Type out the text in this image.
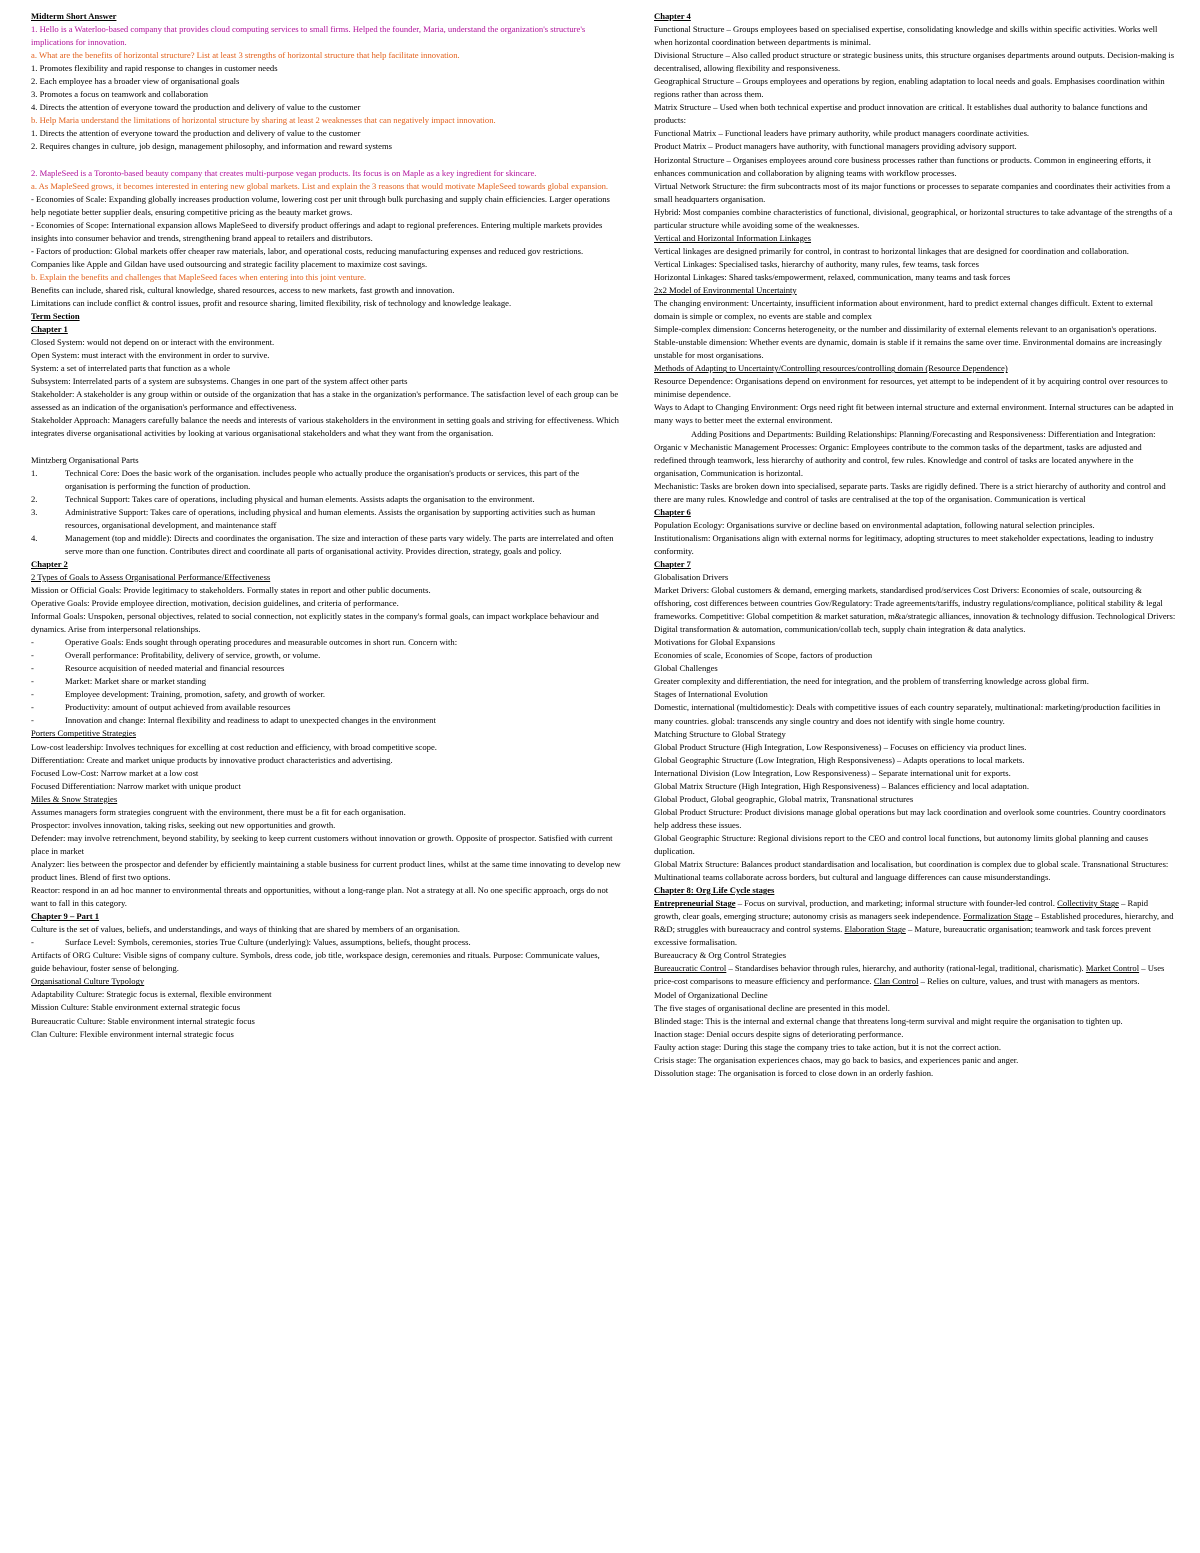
Midterm Short Answer

1. Hello is a Waterloo-based company that provides cloud computing services to small firms. Helped the founder, Maria, understand the organization's structure's implications for innovation.

a. What are the benefits of horizontal structure? List at least 3 strengths of horizontal structure that help facilitate innovation.

1. Promotes flexibility and rapid response to changes in customer needs

2. Each employee has a broader view of organisational goals

3. Promotes a focus on teamwork and collaboration

4. Directs the attention of everyone toward the production and delivery of value to the customer

b. Help Maria understand the limitations of horizontal structure by sharing at least 2 weaknesses that can negatively impact innovation.

1. Directs the attention of everyone toward the production and delivery of value to the customer

2. Requires changes in culture, job design, management philosophy, and information and reward systems

2. MapleSeed is a Toronto-based beauty company that creates multi-purpose vegan products. Its focus is on Maple as a key ingredient for skincare.

a. As MapleSeed grows, it becomes interested in entering new global markets. List and explain the 3 reasons that would motivate MapleSeed towards global expansion.

- Economies of Scale: Expanding globally increases production volume, lowering cost per unit through bulk purchasing and supply chain efficiencies. Larger operations help negotiate better supplier deals, ensuring competitive pricing as the beauty market grows.

- Economies of Scope: International expansion allows MapleSeed to diversify product offerings and adapt to regional preferences. Entering multiple markets provides insights into consumer behavior and trends, strengthening brand appeal to retailers and distributors.

- Factors of production: Global markets offer cheaper raw materials, labor, and operational costs, reducing manufacturing expenses and reduced gov restrictions. Companies like Apple and Gildan have used outsourcing and strategic facility placement to maximize cost savings.

b. Explain the benefits and challenges that MapleSeed faces when entering into this joint venture.

Benefits can include, shared risk, cultural knowledge, shared resources, access to new markets, fast growth and innovation.

Limitations can include conflict & control issues, profit and resource sharing, limited flexibility, risk of technology and knowledge leakage.

Term Section

Chapter 1

Closed System: would not depend on or interact with the environment.

Open System: must interact with the environment in order to survive.

System: a set of interrelated parts that function as a whole

Subsystem: Interrelated parts of a system are subsystems. Changes in one part of the system affect other parts

Stakeholder: A stakeholder is any group within or outside of the organization that has a stake in the organization's performance. The satisfaction level of each group can be assessed as an indication of the organisation's performance and effectiveness.

Stakeholder Approach: Managers carefully balance the needs and interests of various stakeholders in the environment in setting goals and striving for effectiveness. Which integrates diverse organisational activities by looking at various organisational stakeholders and what they want from the organisation.

Mintzberg Organisational Parts

1.	Technical Core: Does the basic work of the organisation. includes people who actually produce the organisation's products or services, this part of the organisation is performing the function of production.
2.	Technical Support: Takes care of operations, including physical and human elements. Assists adapts the organisation to the environment.
3.	Administrative Support: Takes care of operations, including physical and human elements. Assists the organisation by supporting activities such as human resources, organisational development, and maintenance staff
4.	Management (top and middle): Directs and coordinates the organisation. The size and interaction of these parts vary widely. The parts are interrelated and often serve more than one function. Contributes direct and coordinate all parts of organisational activity. Provides direction, strategy, goals and policy.

Chapter 2

2 Types of Goals to Assess Organisational Performance/Effectiveness

Mission or Official Goals: Provide legitimacy to stakeholders. Formally states in report and other public documents.

Operative Goals: Provide employee direction, motivation, decision guidelines, and criteria of performance.

Informal Goals: Unspoken, personal objectives, related to social connection, not explicitly states in the company's formal goals, can impact workplace behaviour and dynamics. Arise from interpersonal relationships.

-	Operative Goals: Ends sought through operating procedures and measurable outcomes in short run. Concern with:
-	Overall performance: Profitability, delivery of service, growth, or volume.
-	Resource acquisition of needed material and financial resources
-	Market: Market share or market standing
-	Employee development: Training, promotion, safety, and growth of worker.
-	Productivity: amount of output achieved from available resources
-	Innovation and change: Internal flexibility and readiness to adapt to unexpected changes in the environment

Porters Competitive Strategies

Low-cost leadership: Involves techniques for excelling at cost reduction and efficiency, with broad competitive scope.

Differentiation: Create and market unique products by innovative product characteristics and advertising.

Focused Low-Cost: Narrow market at a low cost

Focused Differentiation: Narrow market with unique product

Miles & Snow Strategies

Assumes managers form strategies congruent with the environment, there must be a fit for each organisation.

Prospector: involves innovation, taking risks, seeking out new opportunities and growth.

Defender: may involve retrenchment, beyond stability, by seeking to keep current customers without innovation or growth. Opposite of prospector. Satisfied with current place in market

Analyzer: lies between the prospector and defender by efficiently maintaining a stable business for current product lines, whilst at the same time innovating to develop new product lines. Blend of first two options.

Reactor: respond in an ad hoc manner to environmental threats and opportunities, without a long-range plan. Not a strategy at all. No one specific approach, orgs do not want to fall in this category.

Chapter 9 – Part 1

Culture is the set of values, beliefs, and understandings, and ways of thinking that are shared by members of an organisation.

-	Surface Level: Symbols, ceremonies, stories True Culture (underlying): Values, assumptions, beliefs, thought process.

Artifacts of ORG Culture: Visible signs of company culture. Symbols, dress code, job title, workspace design, ceremonies and rituals. Purpose: Communicate values, guide behaviour, foster sense of belonging.

Organisational Culture Typology

Adaptability Culture: Strategic focus is external, flexible environment

Mission Culture: Stable environment external strategic focus

Bureaucratic Culture: Stable environment internal strategic focus

Clan Culture: Flexible environment internal strategic focus

Chapter 4

Functional Structure – Groups employees based on specialised expertise, consolidating knowledge and skills within specific activities. Works well when horizontal coordination between departments is minimal.

Divisional Structure – Also called product structure or strategic business units, this structure organises departments around outputs. Decision-making is decentralised, allowing flexibility and responsiveness.

Geographical Structure – Groups employees and operations by region, enabling adaptation to local needs and goals. Emphasises coordination within regions rather than across them.

Matrix Structure – Used when both technical expertise and product innovation are critical. It establishes dual authority to balance functions and products:

Functional Matrix – Functional leaders have primary authority, while product managers coordinate activities.

Product Matrix – Product managers have authority, with functional managers providing advisory support.

Horizontal Structure – Organises employees around core business processes rather than functions or products. Common in engineering efforts, it enhances communication and collaboration by aligning teams with workflow processes.

Virtual Network Structure: the firm subcontracts most of its major functions or processes to separate companies and coordinates their activities from a small headquarters organisation.

Hybrid: Most companies combine characteristics of functional, divisional, geographical, or horizontal structures to take advantage of the strengths of a particular structure while avoiding some of the weaknesses.

Vertical and Horizontal Information Linkages

Vertical linkages are designed primarily for control, in contrast to horizontal linkages that are designed for coordination and collaboration.

Vertical Linkages: Specialised tasks, hierarchy of authority, many rules, few teams, task forces

Horizontal Linkages: Shared tasks/empowerment, relaxed, communication, many teams and task forces

2x2 Model of Environmental Uncertainty

The changing environment: Uncertainty, insufficient information about environment, hard to predict external changes difficult. Extent to external domain is simple or complex, no events are stable and complex

Simple-complex dimension: Concerns heterogeneity, or the number and dissimilarity of external elements relevant to an organisation's operations.

Stable-unstable dimension: Whether events are dynamic, domain is stable if it remains the same over time. Environmental domains are increasingly unstable for most organisations.

Methods of Adapting to Uncertainty/Controlling resources/controlling domain (Resource Dependence)

Resource Dependence: Organisations depend on environment for resources, yet attempt to be independent of it by acquiring control over resources to minimise dependence.

Ways to Adapt to Changing Environment: Orgs need right fit between internal structure and external environment. Internal structures can be adapted in many ways to better meet the external environment.

Adding Positions and Departments: Building Relationships: Planning/Forecasting and Responsiveness: Differentiation and Integration:

Organic v Mechanistic Management Processes: Organic: Employees contribute to the common tasks of the department, tasks are adjusted and redefined through teamwork, less hierarchy of authority and control, few rules. Knowledge and control of tasks are located anywhere in the organisation, Communication is horizontal.

Mechanistic: Tasks are broken down into specialised, separate parts. Tasks are rigidly defined. There is a strict hierarchy of authority and control and there are many rules. Knowledge and control of tasks are centralised at the top of the organisation. Communication is vertical

Chapter 6

Population Ecology: Organisations survive or decline based on environmental adaptation, following natural selection principles.

Institutionalism: Organisations align with external norms for legitimacy, adopting structures to meet stakeholder expectations, leading to industry conformity.

Chapter 7

Globalisation Drivers

Market Drivers: Global customers & demand, emerging markets, standardised prod/services Cost Drivers: Economies of scale, outsourcing & offshoring, cost differences between countries Gov/Regulatory: Trade agreements/tariffs, industry regulations/compliance, political stability & legal frameworks. Competitive: Global competition & market saturation, m&a/strategic alliances, innovation & technology diffusion. Technological Drivers: Digital transformation & automation, communication/collab tech, supply chain integration & data analytics.

Motivations for Global Expansions

Economies of scale, Economies of Scope, factors of production

Global Challenges

Greater complexity and differentiation, the need for integration, and the problem of transferring knowledge across global firm.

Stages of International Evolution

Domestic, international (multidomestic): Deals with competitive issues of each country separately, multinational: marketing/production facilities in many countries. global: transcends any single country and does not identify with single home country.

Matching Structure to Global Strategy

Global Product Structure (High Integration, Low Responsiveness) – Focuses on efficiency via product lines.

Global Geographic Structure (Low Integration, High Responsiveness) – Adapts operations to local markets.

International Division (Low Integration, Low Responsiveness) – Separate international unit for exports.

Global Matrix Structure (High Integration, High Responsiveness) – Balances efficiency and local adaptation.

Global Product, Global geographic, Global matrix, Transnational structures

Global Product Structure: Product divisions manage global operations but may lack coordination and overlook some countries. Country coordinators help address these issues.

Global Geographic Structure: Regional divisions report to the CEO and control local functions, but autonomy limits global planning and causes duplication.

Global Matrix Structure: Balances product standardisation and localisation, but coordination is complex due to global scale. Transnational Structures: Multinational teams collaborate across borders, but cultural and language differences can cause misunderstandings.

Chapter 8: Org Life Cycle stages

Entrepreneurial Stage – Focus on survival, production, and marketing; informal structure with founder-led control. Collectivity Stage – Rapid growth, clear goals, emerging structure; autonomy crisis as managers seek independence. Formalization Stage – Established procedures, hierarchy, and R&D; struggles with bureaucracy and control systems. Elaboration Stage – Mature, bureaucratic organisation; teamwork and task forces prevent excessive formalisation.

Bureaucracy & Org Control Strategies

Bureaucratic Control – Standardises behavior through rules, hierarchy, and authority (rational-legal, traditional, charismatic). Market Control – Uses price-cost comparisons to measure efficiency and performance. Clan Control – Relies on culture, values, and trust with managers as mentors.

Model of Organizational Decline

The five stages of organisational decline are presented in this model.

Blinded stage: This is the internal and external change that threatens long-term survival and might require the organisation to tighten up.

Inaction stage: Denial occurs despite signs of deteriorating performance.

Faulty action stage: During this stage the company tries to take action, but it is not the correct action.

Crisis stage: The organisation experiences chaos, may go back to basics, and experiences panic and anger.

Dissolution stage: The organisation is forced to close down in an orderly fashion.
